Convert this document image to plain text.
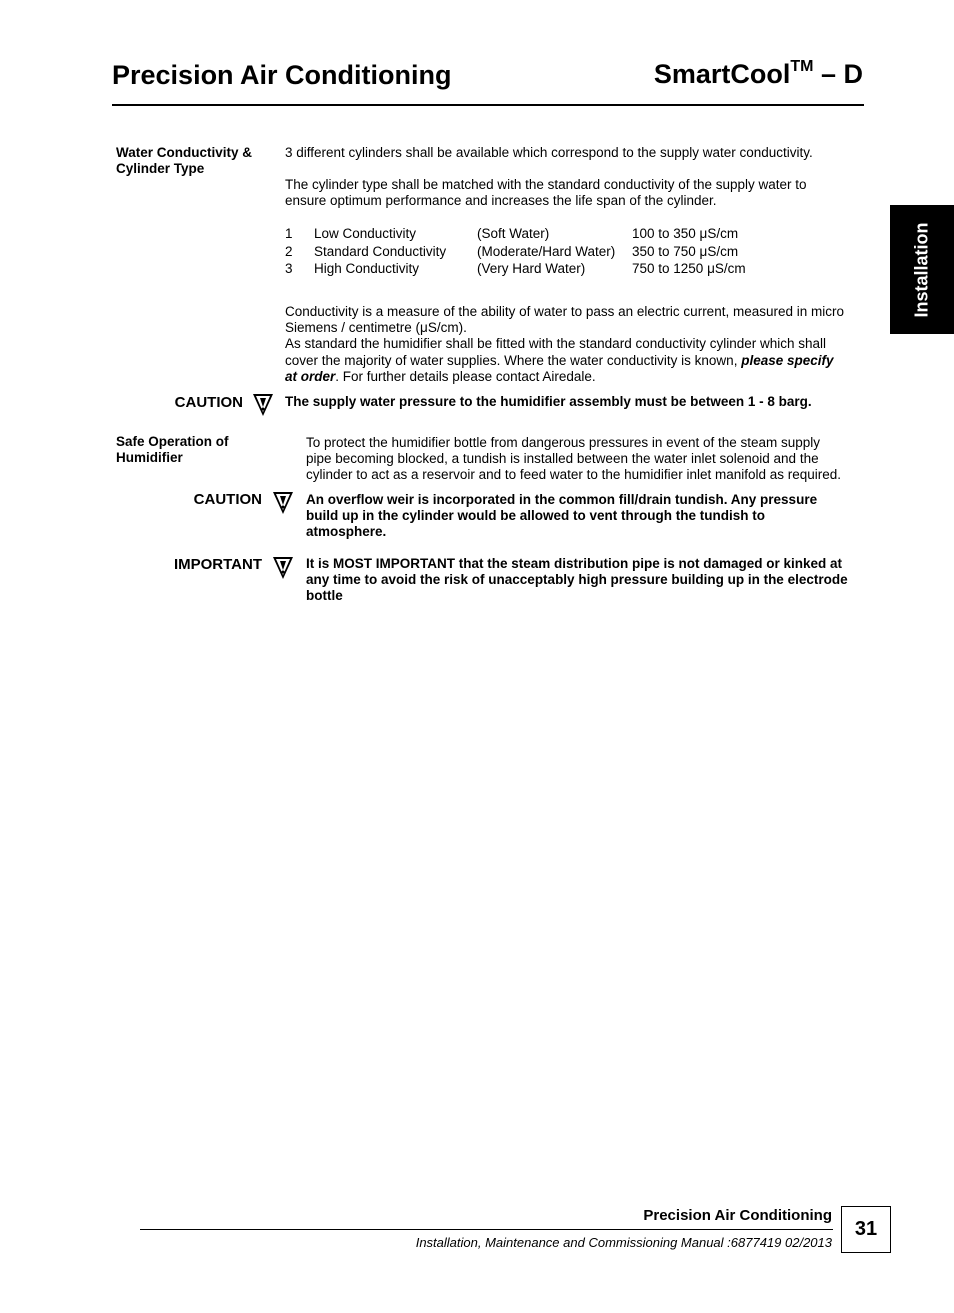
Precision Air Conditioning	SmartCool™ – D
Installation
Water Conductivity &
Cylinder Type
3 different cylinders shall be available which correspond to the supply water conductivity.
The cylinder type shall be matched with the standard conductivity of the supply water to
ensure optimum performance and increases the life span of the cylinder.
1 Low Conductivity	(Soft Water)	100 to 350 μS/cm
2 Standard Conductivity (Moderate/Hard Water) 350 to 750 μS/cm
3 High Conductivity	(Very Hard Water)	750 to 1250 μS/cm
Conductivity is a measure of the ability of water to pass an electric current, measured in micro
Siemens / centimetre (μS/cm).
As standard the humidifier shall be fitted with the standard conductivity cylinder which shall
cover the majority of water supplies. Where the water conductivity is known, please specify
at order. For further details please contact Airedale.
CAUTION	The supply water pressure to the humidifier assembly must be between 1 - 8 barg.
Safe Operation of
Humidifier
To protect the humidifier bottle from dangerous pressures in event of the steam supply
pipe becoming blocked, a tundish is installed between the water inlet solenoid and the
cylinder to act as a reservoir and to feed water to the humidifier inlet manifold as required.
CAUTION	An overflow weir is incorporated in the common fill/drain tundish. Any pressure
build up in the cylinder would be allowed to vent through the tundish to
atmosphere.
IMPORTANT	It is MOST IMPORTANT that the steam distribution pipe is not damaged or kinked at
any time to avoid the risk of unacceptably high pressure building up in the electrode
bottle
Precision Air Conditioning
Installation, Maintenance and Commissioning Manual :6877419 02/2013
31
